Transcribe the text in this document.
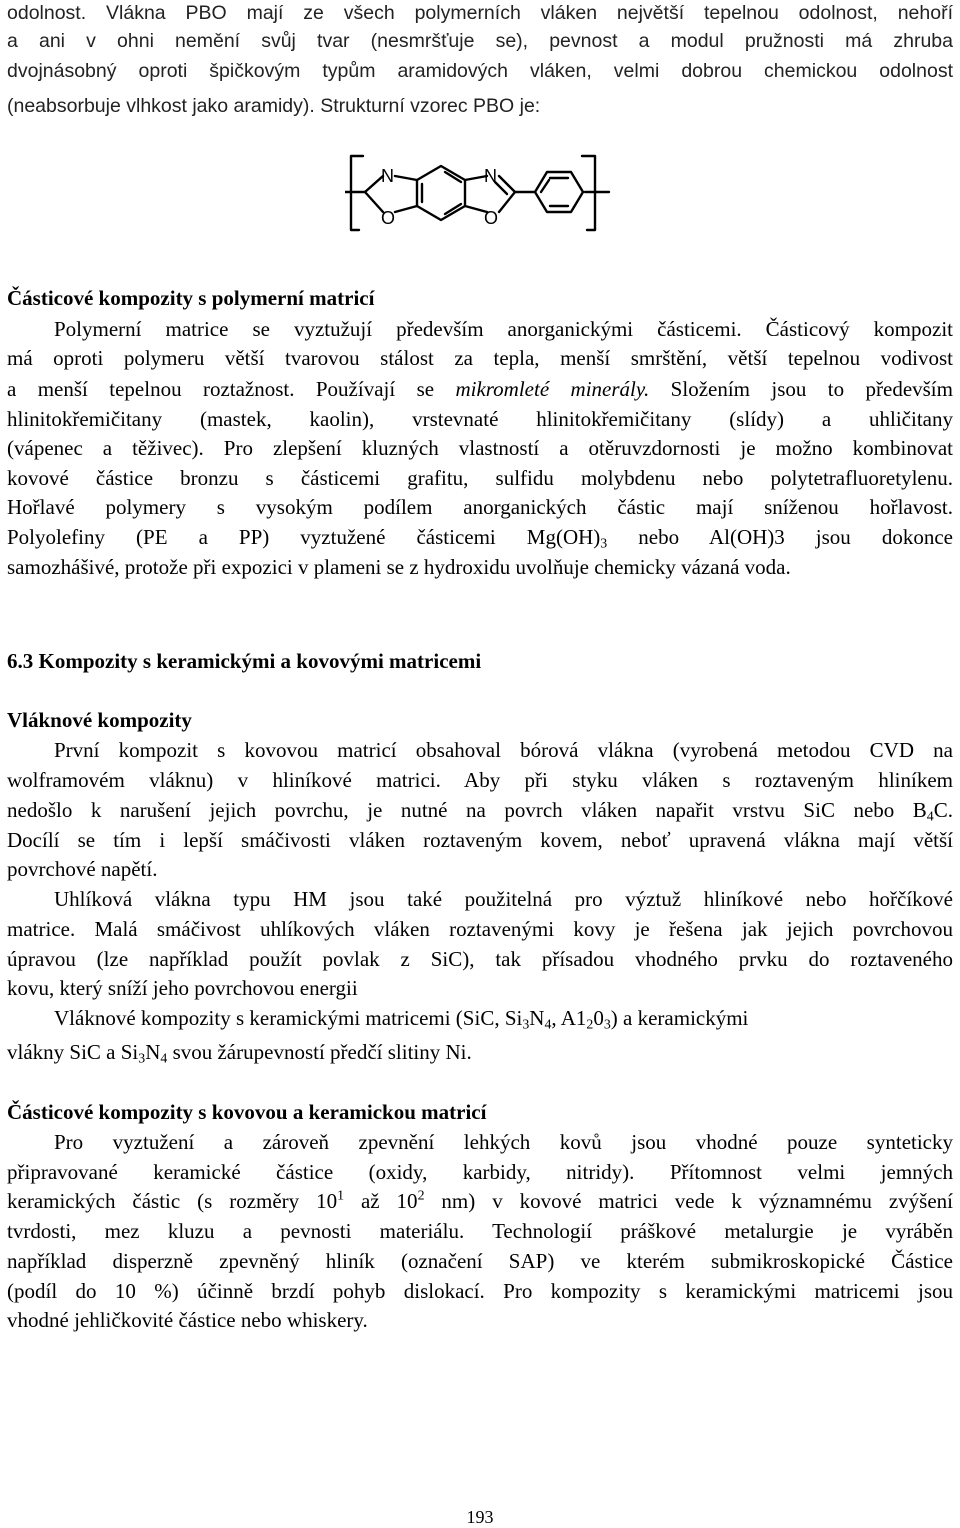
odolnost. Vlákna PBO mají ze všech polymerních vláken největší tepelnou odolnost, nehoří

a ani v ohni nemění svůj tvar (nesmršťuje se), pevnost a modul pružnosti má zhruba

dvojnásobný oproti špičkovým typům aramidových vláken, velmi dobrou chemickou odolnost

(neabsorbuje vlhkost jako aramidy). Strukturní vzorec PBO je:

N	N
O	O

Částicové kompozity s polymerní matricí

Polymerní matrice se vyztužují především anorganickými částicemi. Částicový kompozit

má oproti polymeru větší tvarovou stálost za tepla, menší smrštění, větší tepelnou vodivost

a menší tepelnou roztažnost. Používají se mikromleté minerály. Složením jsou to především

hlinitokřemičitany (mastek, kaolin), vrstevnaté hlinitokřemičitany (slídy) a uhličitany

(vápenec a těživec). Pro zlepšení kluzných vlastností a otěruvzdornosti je možno kombinovat

kovové částice bronzu s částicemi grafitu, sulfidu molybdenu nebo polytetrafluoretylenu.

Hořlavé polymery s vysokým podílem anorganických částic mají sníženou hořlavost.

Polyolefiny (PE a PP) vyztužené částicemi $Mg(OH)_3$ nebo Al(OH)3 jsou dokonce

samozhášivé, protože při expozici v plameni se z hydroxidu uvolňuje chemicky vázaná voda.

6.3 Kompozity s keramickými a kovovými matricemi

Vláknové kompozity

První kompozit s kovovou matricí obsahoval bórová vlákna (vyrobená metodou CVD na

wolframovém vláknu) v hliníkové matrici. Aby při styku vláken s roztaveným hliníkem

nedošlo k narušení jejich povrchu, je nutné na povrch vláken napařit vrstvu SiC nebo $B_4C$.

Docílí se tím i lepší smáčivosti vláken roztaveným kovem, neboť upravená vlákna mají větší

povrchové napětí.

Uhlíková vlákna typu HM jsou také použitelná pro výztuž hliníkové nebo hořčíkové

matrice. Malá smáčivost uhlíkových vláken roztavenými kovy je řešena jak jejich povrchovou

úpravou (lze například použít povlak z SiC), tak přísadou vhodného prvku do roztaveného

kovu, který sníží jeho povrchovou energii

Vláknové kompozity s keramickými matricemi (SiC, $Si_3N_4$, $A1_20_3$) a keramickými

vlákny SiC a $Si_3N_4$ svou žárupevností předčí slitiny Ni.

Částicové kompozity s kovovou a keramickou matricí

Pro vyztužení a zároveň zpevnění lehkých kovů jsou vhodné pouze synteticky

připravované keramické částice (oxidy, karbidy, nitridy). Přítomnost velmi jemných

keramických částic (s rozměry $10^1$ až $10^2$ nm) v kovové matrici vede k významnému zvýšení

tvrdosti, mez kluzu a pevnosti materiálu. Technologií práškové metalurgie je vyráběn

například disperzně zpevněný hliník (označení SAP) ve kterém submikroskopické Částice

(podíl do 10 %) účinně brzdí pohyb dislokací. Pro kompozity s keramickými matricemi jsou

vhodné jehličkovité částice nebo whiskery.

193
